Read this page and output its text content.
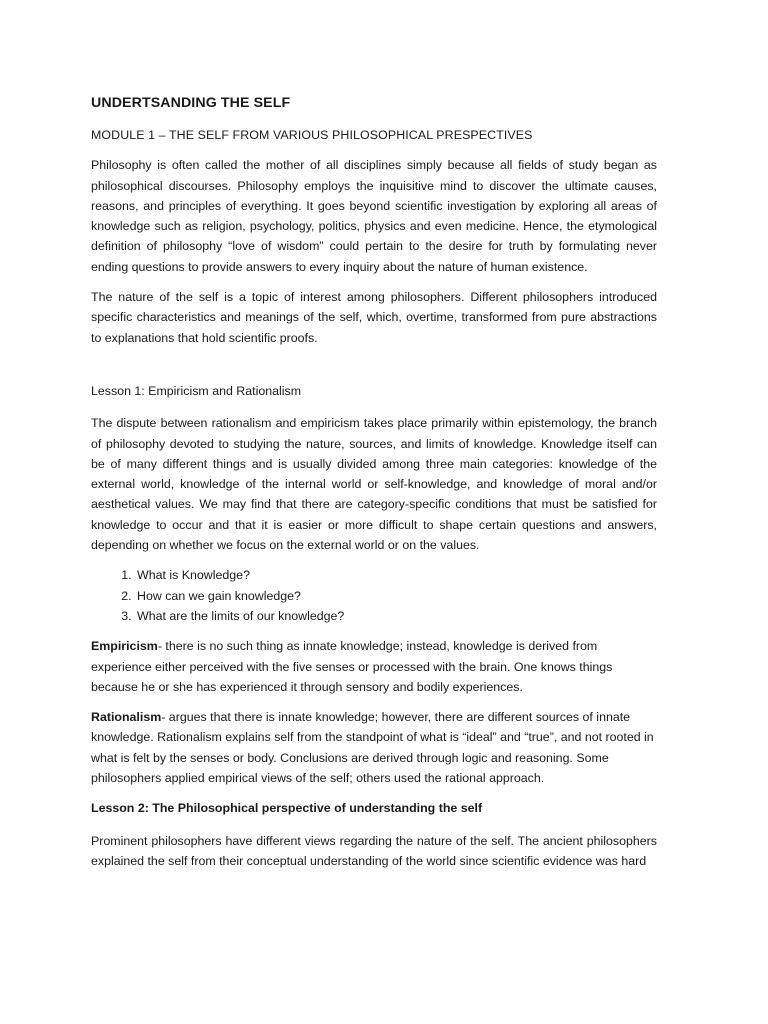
UNDERTSANDING THE SELF
MODULE 1 – THE SELF FROM VARIOUS PHILOSOPHICAL PRESPECTIVES

Philosophy is often called the mother of all disciplines simply because all fields of study began as philosophical discourses. Philosophy employs the inquisitive mind to discover the ultimate causes, reasons, and principles of everything. It goes beyond scientific investigation by exploring all areas of knowledge such as religion, psychology, politics, physics and even medicine. Hence, the etymological definition of philosophy “love of wisdom” could pertain to the desire for truth by formulating never ending questions to provide answers to every inquiry about the nature of human existence.

The nature of the self is a topic of interest among philosophers. Different philosophers introduced specific characteristics and meanings of the self, which, overtime, transformed from pure abstractions to explanations that hold scientific proofs.

Lesson 1: Empiricism and Rationalism

The dispute between rationalism and empiricism takes place primarily within epistemology, the branch of philosophy devoted to studying the nature, sources, and limits of knowledge. Knowledge itself can be of many different things and is usually divided among three main categories: knowledge of the external world, knowledge of the internal world or self-knowledge, and knowledge of moral and/or aesthetical values. We may find that there are category-specific conditions that must be satisfied for knowledge to occur and that it is easier or more difficult to shape certain questions and answers, depending on whether we focus on the external world or on the values.

1. What is Knowledge?
2. How can we gain knowledge?
3. What are the limits of our knowledge?

Empiricism- there is no such thing as innate knowledge; instead, knowledge is derived from experience either perceived with the five senses or processed with the brain. One knows things because he or she has experienced it through sensory and bodily experiences.

Rationalism- argues that there is innate knowledge; however, there are different sources of innate knowledge. Rationalism explains self from the standpoint of what is “ideal” and “true”, and not rooted in what is felt by the senses or body. Conclusions are derived through logic and reasoning. Some philosophers applied empirical views of the self; others used the rational approach.

Lesson 2: The Philosophical perspective of understanding the self

Prominent philosophers have different views regarding the nature of the self. The ancient philosophers explained the self from their conceptual understanding of the world since scientific evidence was hard
